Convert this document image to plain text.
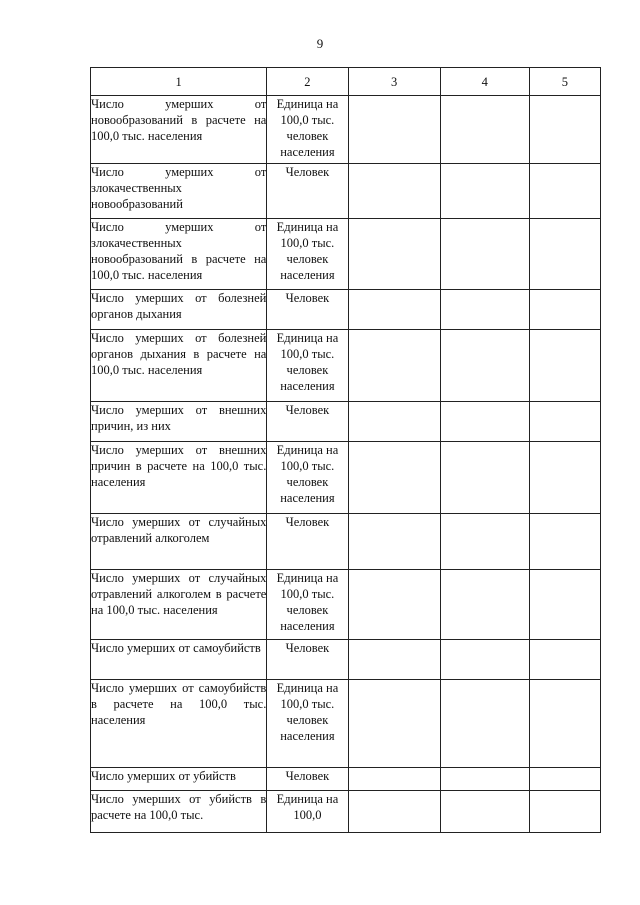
9
1	2	3	4	5
Число умерших от новообразований в расчете на 100,0 тыс. населения	Единица на 100,0 тыс. человек населения			
Число умерших от злокачественных новообразований	Человек			
Число умерших от злокачественных новообразований в расчете на 100,0 тыс. населения	Единица на 100,0 тыс. человек населения			
Число умерших от болезней органов дыхания	Человек			
Число умерших от болезней органов дыхания в расчете на 100,0 тыс. населения	Единица на 100,0 тыс. человек населения			
Число умерших от внешних причин, из них	Человек			
Число умерших от внешних причин в расчете на 100,0 тыс. населения	Единица на 100,0 тыс. человек населения			
Число умерших от случайных отравлений алкоголем	Человек			
Число умерших от случайных отравлений алкоголем в расчете на 100,0 тыс. населения	Единица на 100,0 тыс. человек населения			
Число умерших от самоубийств	Человек			
Число умерших от самоубийств в расчете на 100,0 тыс. населения	Единица на 100,0 тыс. человек населения			
Число умерших от убийств	Человек			
Число умерших от убийств в расчете на 100,0 тыс.	Единица на 100,0			
